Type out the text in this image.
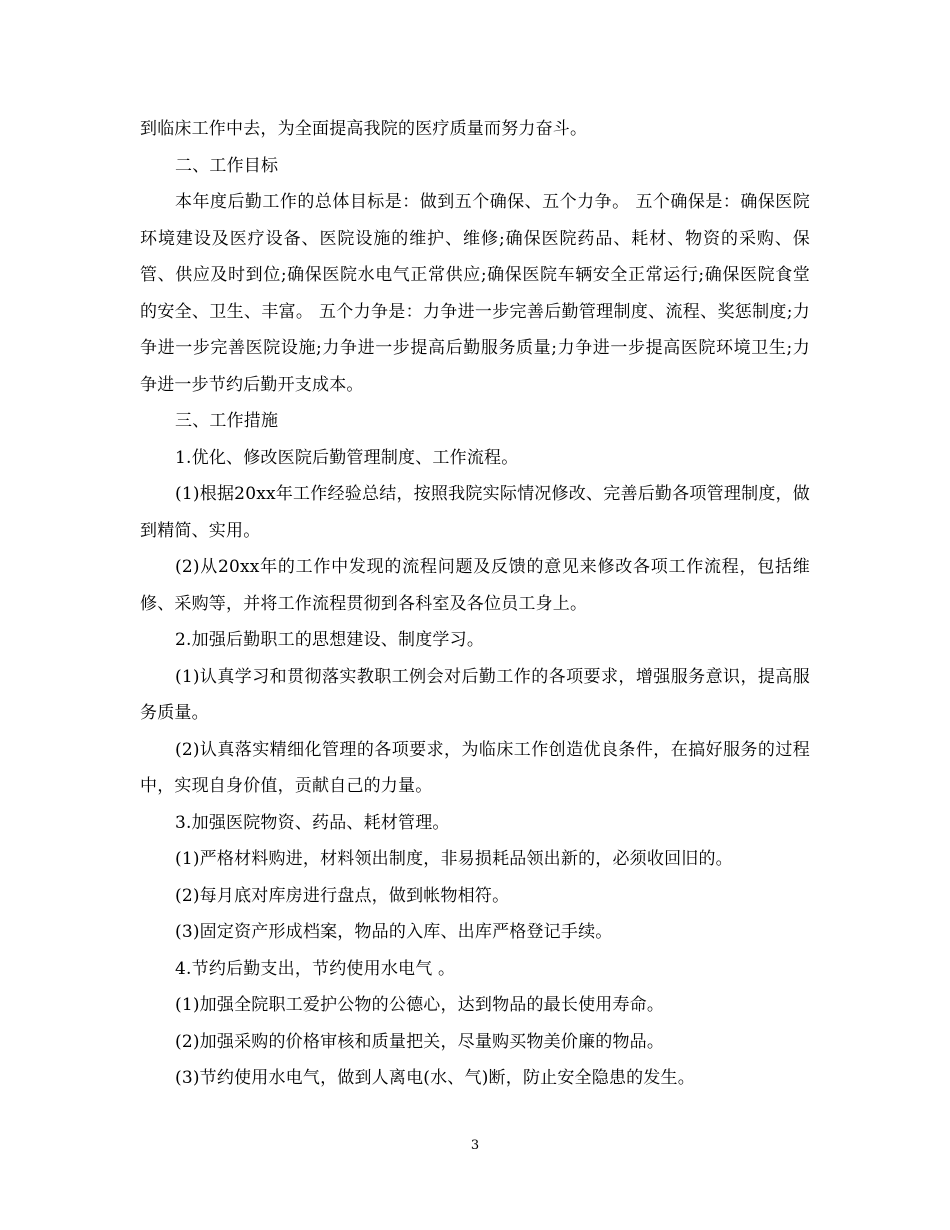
到临床工作中去，为全面提高我院的医疗质量而努力奋斗。

二、工作目标

本年度后勤工作的总体目标是：做到五个确保、五个力争。 五个确保是：确保医院环境建设及医疗设备、医院设施的维护、维修;确保医院药品、耗材、物资的采购、保管、供应及时到位;确保医院水电气正常供应;确保医院车辆安全正常运行;确保医院食堂的安全、卫生、丰富。 五个力争是：力争进一步完善后勤管理制度、流程、奖惩制度;力争进一步完善医院设施;力争进一步提高后勤服务质量;力争进一步提高医院环境卫生;力争进一步节约后勤开支成本。

三、工作措施

1.优化、修改医院后勤管理制度、工作流程。

(1)根据20xx年工作经验总结，按照我院实际情况修改、完善后勤各项管理制度，做到精简、实用。

(2)从20xx年的工作中发现的流程问题及反馈的意见来修改各项工作流程，包括维修、采购等，并将工作流程贯彻到各科室及各位员工身上。

2.加强后勤职工的思想建设、制度学习。

(1)认真学习和贯彻落实教职工例会对后勤工作的各项要求，增强服务意识，提高服务质量。

(2)认真落实精细化管理的各项要求，为临床工作创造优良条件，在搞好服务的过程中，实现自身价值，贡献自己的力量。

3.加强医院物资、药品、耗材管理。

(1)严格材料购进，材料领出制度，非易损耗品领出新的，必须收回旧的。

(2)每月底对库房进行盘点，做到帐物相符。

(3)固定资产形成档案，物品的入库、出库严格登记手续。

4.节约后勤支出，节约使用水电气 。

(1)加强全院职工爱护公物的公德心，达到物品的最长使用寿命。

(2)加强采购的价格审核和质量把关，尽量购买物美价廉的物品。

(3)节约使用水电气，做到人离电(水、气)断，防止安全隐患的发生。

3
